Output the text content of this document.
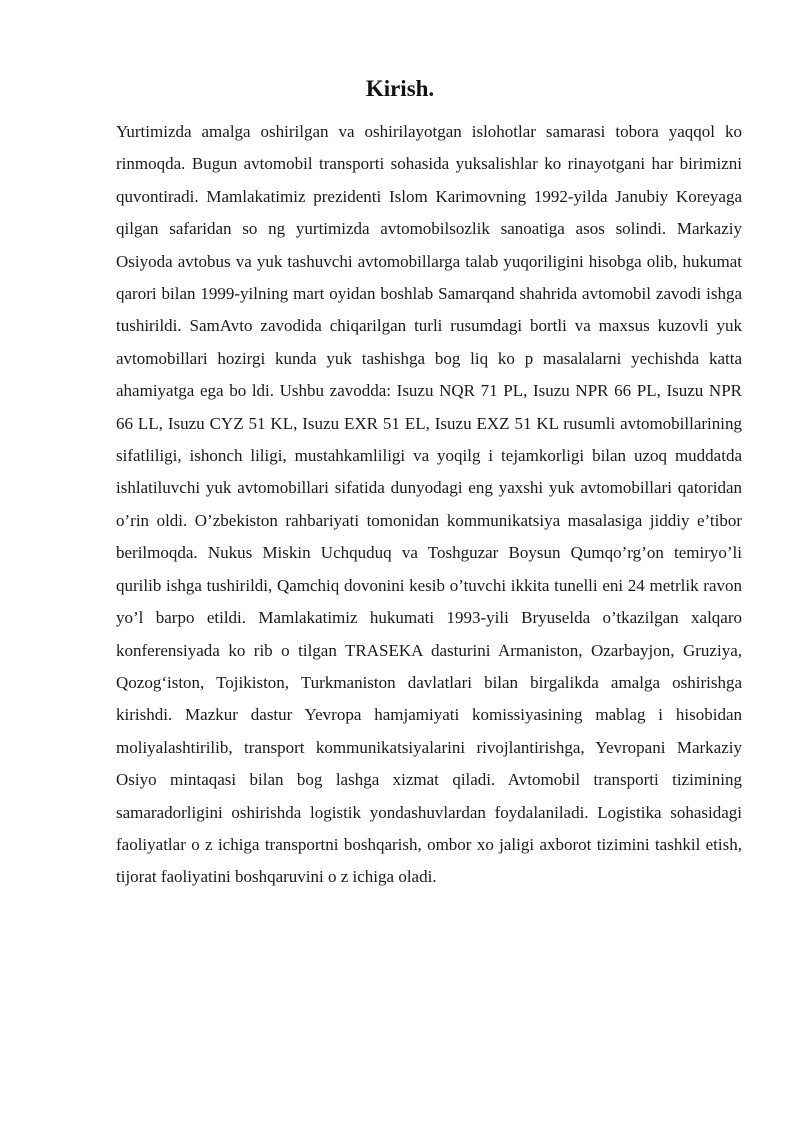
Kirish.

Yurtimizda amalga oshirilgan va oshirilayotgan islohotlar samarasi tobora yaqqol ko rinmoqda. Bugun avtomobil transporti sohasida yuksalishlar ko rinayotgani har birimizni quvontiradi. Mamlakatimiz prezidenti Islom Karimovning 1992-yilda Janubiy Koreyaga qilgan safaridan so ng yurtimizda avtomobilsozlik sanoatiga asos solindi. Markaziy Osiyoda avtobus va yuk tashuvchi avtomobillarga talab yuqoriligini hisobga olib, hukumat qarori bilan 1999-yilning mart oyidan boshlab Samarqand shahrida avtomobil zavodi ishga tushirildi. SamAvto zavodida chiqarilgan turli rusumdagi bortli va maxsus kuzovli yuk avtomobillari hozirgi kunda yuk tashishga bog liq ko p masalalarni yechishda katta ahamiyatga ega bo ldi. Ushbu zavodda: Isuzu NQR 71 PL, Isuzu NPR 66 PL, Isuzu NPR 66 LL, Isuzu CYZ 51 KL, Isuzu EXR 51 EL, Isuzu EXZ 51 KL rusumli avtomobillarining sifatliligi, ishonch liligi, mustahkamliligi va yoqilg i tejamkorligi bilan uzoq muddatda ishlatiluvchi yuk avtomobillari sifatida dunyodagi eng yaxshi yuk avtomobillari qatoridan o’rin oldi. O’zbekiston rahbariyati tomonidan kommunikatsiya masalasiga jiddiy e’tibor berilmoqda. Nukus Miskin Uchquduq va Toshguzar Boysun Qumqo’rg’on temiryo’li qurilib ishga tushirildi, Qamchiq dovonini kesib o’tuvchi ikkita tunelli eni 24 metrlik ravon yo’l barpo etildi. Mamlakatimiz hukumati 1993-yili Bryuselda o’tkazilgan xalqaro konferensiyada ko rib o tilgan TRASEKA dasturini Armaniston, Ozarbayjon, Gruziya, Qozog‘iston, Tojikiston, Turkmaniston davlatlari bilan birgalikda amalga oshirishga kirishdi. Mazkur dastur Yevropa hamjamiyati komissiyasining mablag i hisobidan moliyalashtirilib, transport kommunikatsiyalarini rivojlantirishga, Yevropani Markaziy Osiyo mintaqasi bilan bog lashga xizmat qiladi. Avtomobil transporti tizimining samaradorligini oshirishda logistik yondashuvlardan foydalaniladi. Logistika sohasidagi faoliyatlar o z ichiga transportni boshqarish, ombor xo jaligi axborot tizimini tashkil etish, tijorat faoliyatini boshqaruvini o z ichiga oladi.
